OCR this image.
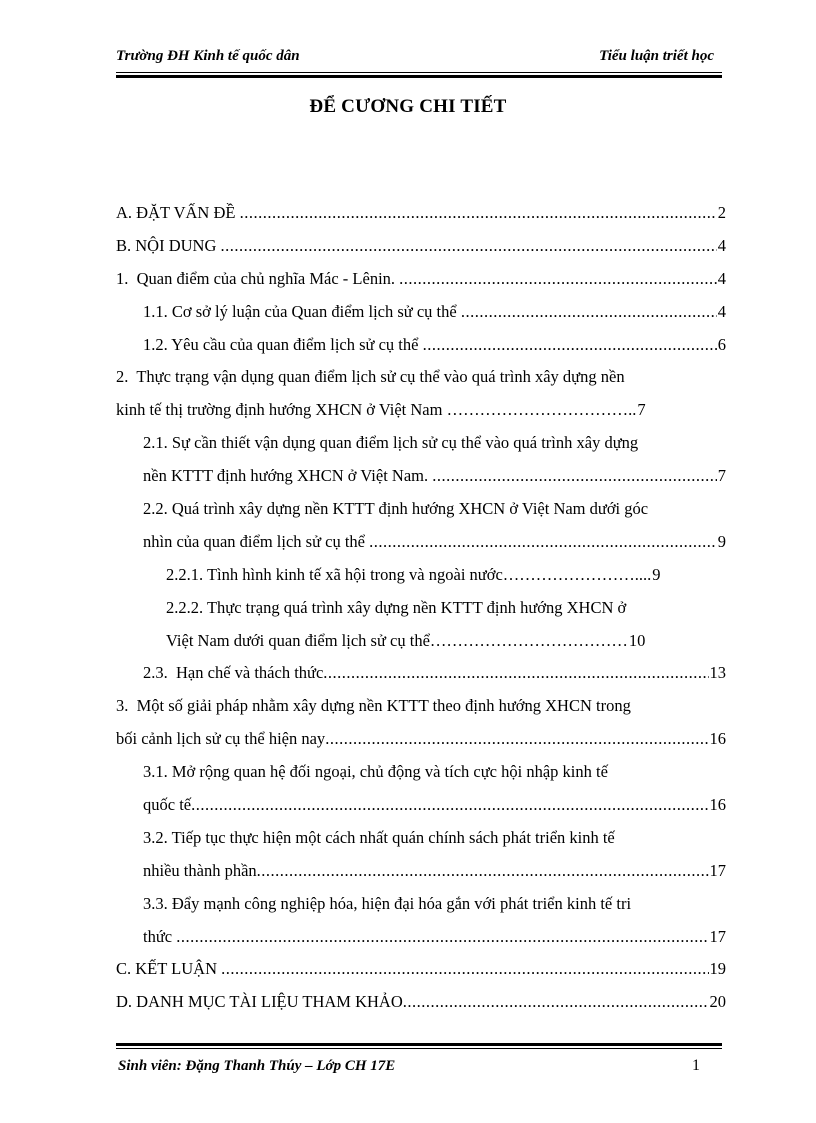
Trường ĐH Kinh tế quốc dân	Tiểu luận triết học
ĐỂ CƯƠNG CHI TIẾT
A. ĐẶT VẤN ĐỀ .....	2
B. NỘI DUNG .....	4
1.  Quan điểm của chủ nghĩa Mác - Lênin. .....	4
1.1. Cơ sở lý luận của Quan điểm lịch sử cụ thể .....	4
1.2. Yêu cầu của quan điểm lịch sử cụ thể .....	6
2.  Thực trạng vận dụng quan điểm lịch sử cụ thể vào quá trình xây dựng nền
kinh tế thị trường định hướng XHCN ở Việt Nam …………………………….. 7
2.1. Sự cần thiết vận dụng quan điểm lịch sử cụ thể vào quá trình xây dựng
nền KTTT định hướng XHCN ở Việt Nam. .....	7
2.2. Quá trình xây dựng nền KTTT định hướng XHCN ở Việt Nam dưới góc
nhìn của quan điểm lịch sử cụ thể .....	9
2.2.1. Tình hình kinh tế xã hội trong và ngoài nước…………………….... 9
2.2.2. Thực trạng quá trình xây dựng nền KTTT định hướng XHCN ở
Việt Nam dưới quan điểm lịch sử cụ thể……………………………… 10
2.3.  Hạn chế và thách thức .....	13
3.  Một số giải pháp nhằm xây dựng nền KTTT theo định hướng XHCN trong
bối cảnh lịch sử cụ thể hiện nay .....	16
3.1. Mở rộng quan hệ đối ngoại, chủ động và tích cực hội nhập kinh tế
quốc tế .....	16
3.2. Tiếp tục thực hiện một cách nhất quán chính sách phát triển kinh tế
nhiều thành phần .....	17
3.3. Đẩy mạnh công nghiệp hóa, hiện đại hóa gắn với phát triển kinh tế tri
thức .....	17
C. KẾT LUẬN .....	19
D. DANH MỤC TÀI LIỆU THAM KHẢO .....	20
Sinh viên: Đặng Thanh Thúy – Lớp CH 17E	1
